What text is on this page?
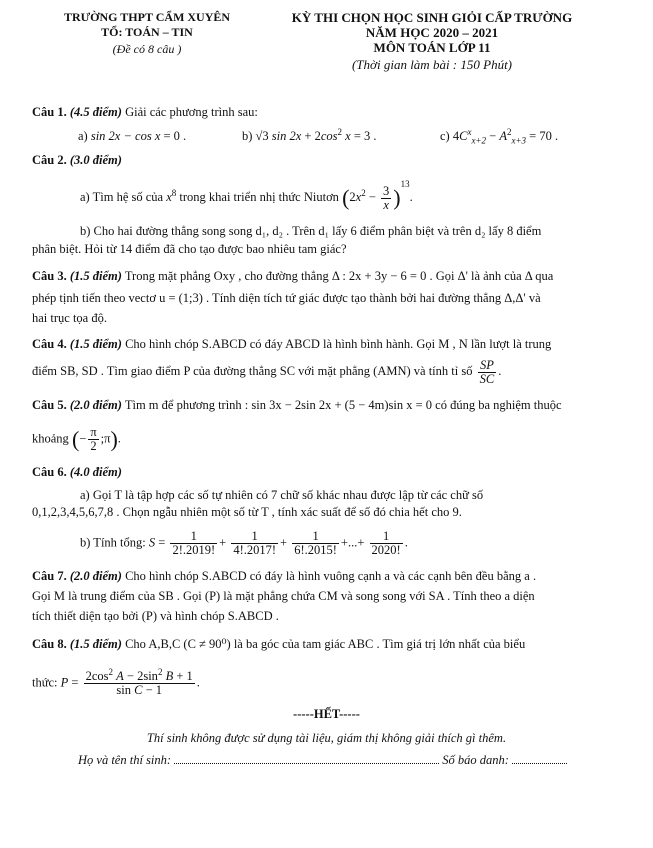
TRƯỜNG THPT CẨM XUYÊN
TỔ: TOÁN – TIN
(Đề có 8 câu )
KỲ THI CHỌN HỌC SINH GIỎI CẤP TRƯỜNG
NĂM HỌC 2020 – 2021
MÔN TOÁN LỚP 11
(Thời gian làm bài : 150 Phút)
Câu 1. (4.5 điểm) Giải các phương trình sau:
a) sin 2x − cos x = 0 .	b) √3 $\sin 2x + 2\cos^2$ x = 3 .	c) $4C^x_{x+2} - A^2_{x+3} = 70$ .
Câu 2. (3.0 điểm)
a) Tìm hệ số của $x^8$ trong khai triển nhị thức Niutơn $(2x^2 - \frac{3}{x} )^{13}$.
b) Cho hai đường thẳng song song d₁, d₂ . Trên d₁ lấy 6 điểm phân biệt và trên d₂ lấy 8 điểm
phân biệt. Hỏi từ 14 điểm đã cho tạo được bao nhiêu tam giác?
Câu 3. (1.5 điểm) Trong mặt phẳng Oxy , cho đường thẳng Δ : 2x + 3y − 6 = 0 . Gọi Δ' là ảnh của Δ qua
phép tịnh tiến theo vectơ u = (1;3) . Tính diện tích tứ giác được tạo thành bởi hai đường thẳng Δ,Δ' và
hai trục tọa độ.
Câu 4. (1.5 điểm) Cho hình chóp S.ABCD có đáy ABCD là hình bình hành. Gọi M , N lần lượt là trung
điểm SB, SD . Tìm giao điểm P của đường thẳng SC với mặt phẳng (AMN) và tính tỉ số $\frac{SP}{SC}$ .
Câu 5. (2.0 điểm) Tìm m để phương trình : sin 3x − 2sin 2x + (5 − 4m)sin x = 0 có đúng ba nghiệm thuộc
khoảng (− $\frac{\pi}{2}$ ;π).
Câu 6. (4.0 điểm)
a) Gọi T là tập hợp các số tự nhiên có 7 chữ số khác nhau được lập từ các chữ số
0,1,2,3,4,5,6,7,8 . Chọn ngẫu nhiên một số từ T , tính xác suất để số đó chia hết cho 9.
b) Tính tổng: $S = \frac{1}{2!.2019!} + \frac{1}{4!.2017!} + \frac{1}{6!.2015!}$ +...+ $\frac{1}{2020!}$ .
Câu 7. (2.0 điểm) Cho hình chóp S.ABCD có đáy là hình vuông cạnh a và các cạnh bên đều bằng a .
Gọi M là trung điểm của SB . Gọi (P) là mặt phẳng chứa CM và song song với SA . Tính theo a diện
tích thiết diện tạo bởi (P) và hình chóp S.ABCD .
Câu 8. (1.5 điểm) Cho A,B,C (C ≠ 90⁰) là ba góc của tam giác ABC . Tìm giá trị lớn nhất của biểu
thức: $P = \frac{2\cos^2 A - 2\sin^2 B + 1}{\text{sin C − 1}}$ .
-----HẾT-----
Thí sinh không được sử dụng tài liệu, giám thị không giải thích gì thêm.
Họ và tên thí sinh:	Số báo danh:
